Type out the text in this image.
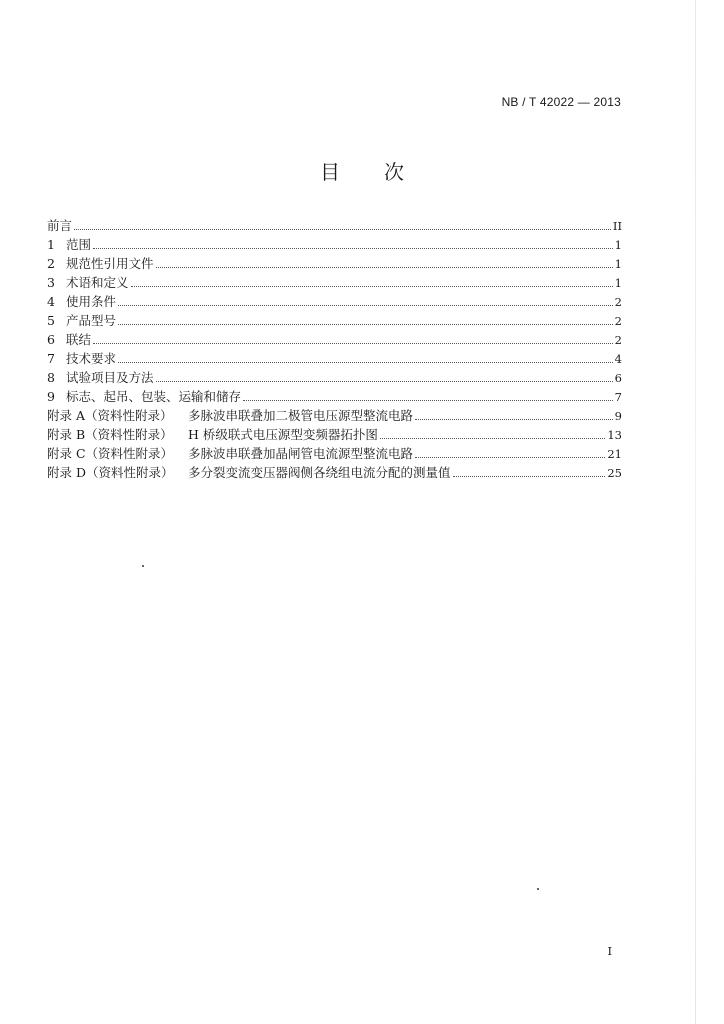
NB / T 42022 — 2013
目 次
前言	II
1 范围	1
2 规范性引用文件	1
3 术语和定义	1
4 使用条件	2
5 产品型号	2
6 联结	2
7 技术要求	4
8 试验项目及方法	6
9 标志、起吊、包装、运输和储存	7
附录 A（资料性附录）	多脉波串联叠加二极管电压源型整流电路	9
附录 B（资料性附录）	H 桥级联式电压源型变频器拓扑图	13
附录 C（资料性附录）	多脉波串联叠加晶闸管电流源型整流电路	21
附录 D（资料性附录）	多分裂变流变压器阀侧各绕组电流分配的测量值	25
I
